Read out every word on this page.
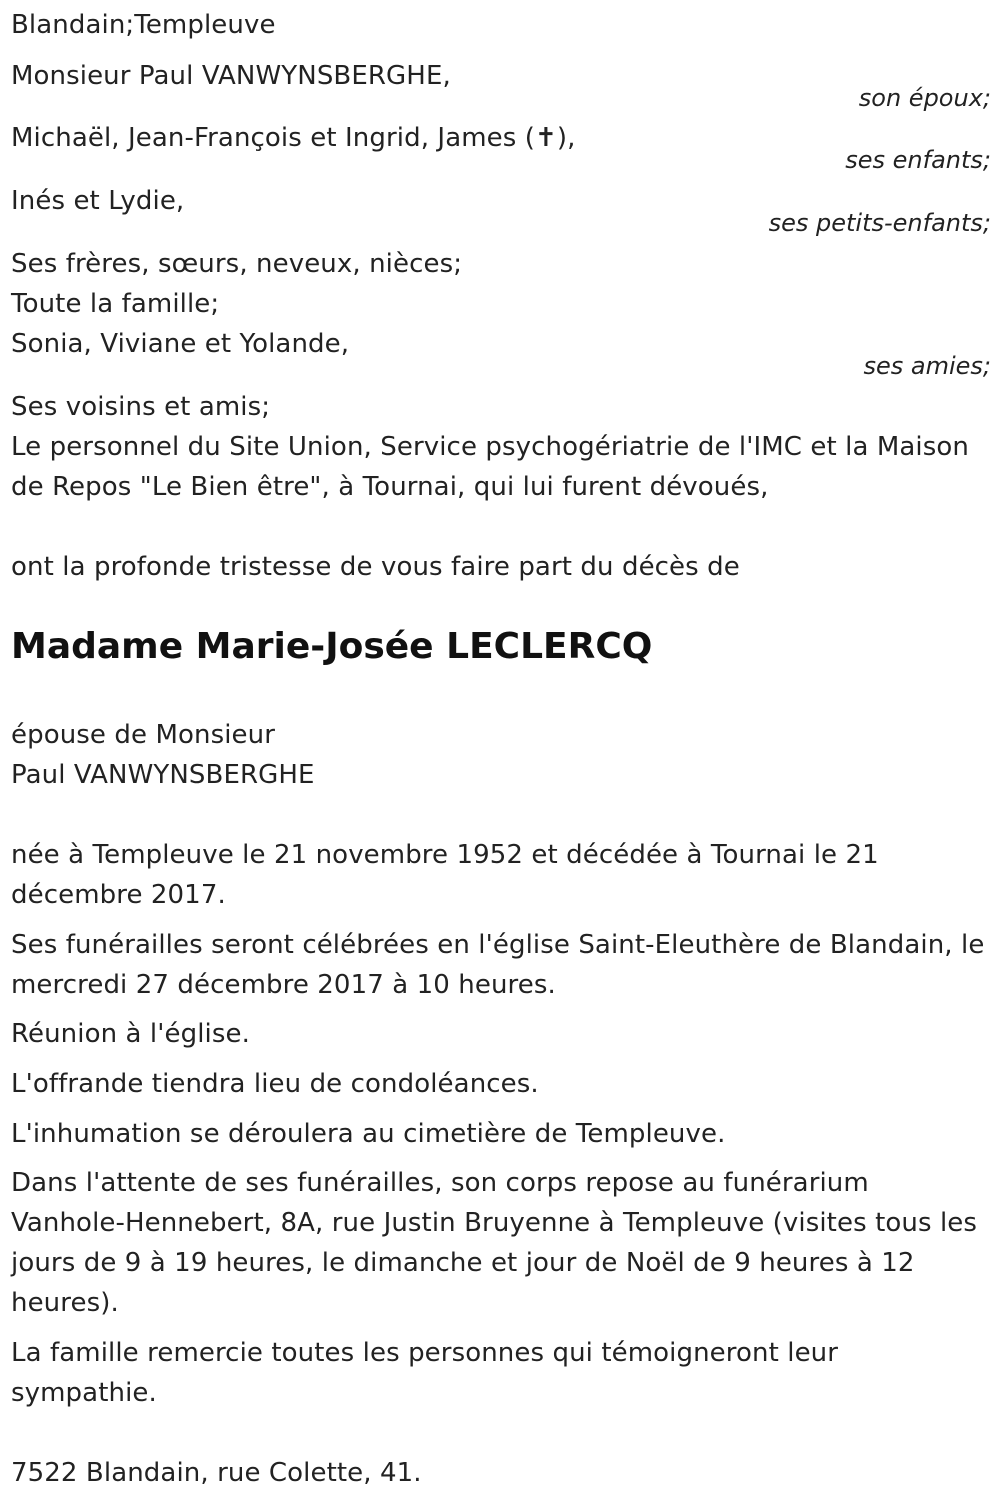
Blandain;Templeuve
Monsieur Paul VANWYNSBERGHE,
son époux;
Michaël, Jean-François et Ingrid, James (✝),
ses enfants;
Inés et Lydie,
ses petits-enfants;
Ses frères, sœurs, neveux, nièces;
Toute la famille;
Sonia, Viviane et Yolande,
ses amies;
Ses voisins et amis;
Le personnel du Site Union, Service psychogériatrie de l'IMC et la Maison
de Repos "Le Bien être", à Tournai, qui lui furent dévoués,
ont la profonde tristesse de vous faire part du décès de
Madame Marie-Josée LECLERCQ
épouse de Monsieur
Paul VANWYNSBERGHE
née à Templeuve le 21 novembre 1952 et décédée à Tournai le 21
décembre 2017.
Ses funérailles seront célébrées en l'église Saint-Eleuthère de Blandain, le
mercredi 27 décembre 2017 à 10 heures.
Réunion à l'église.
L'offrande tiendra lieu de condoléances.
L'inhumation se déroulera au cimetière de Templeuve.
Dans l'attente de ses funérailles, son corps repose au funérarium
Vanhole-Hennebert, 8A, rue Justin Bruyenne à Templeuve (visites tous les
jours de 9 à 19 heures, le dimanche et jour de Noël de 9 heures à 12
heures).
La famille remercie toutes les personnes qui témoigneront leur
sympathie.
7522 Blandain, rue Colette, 41.
